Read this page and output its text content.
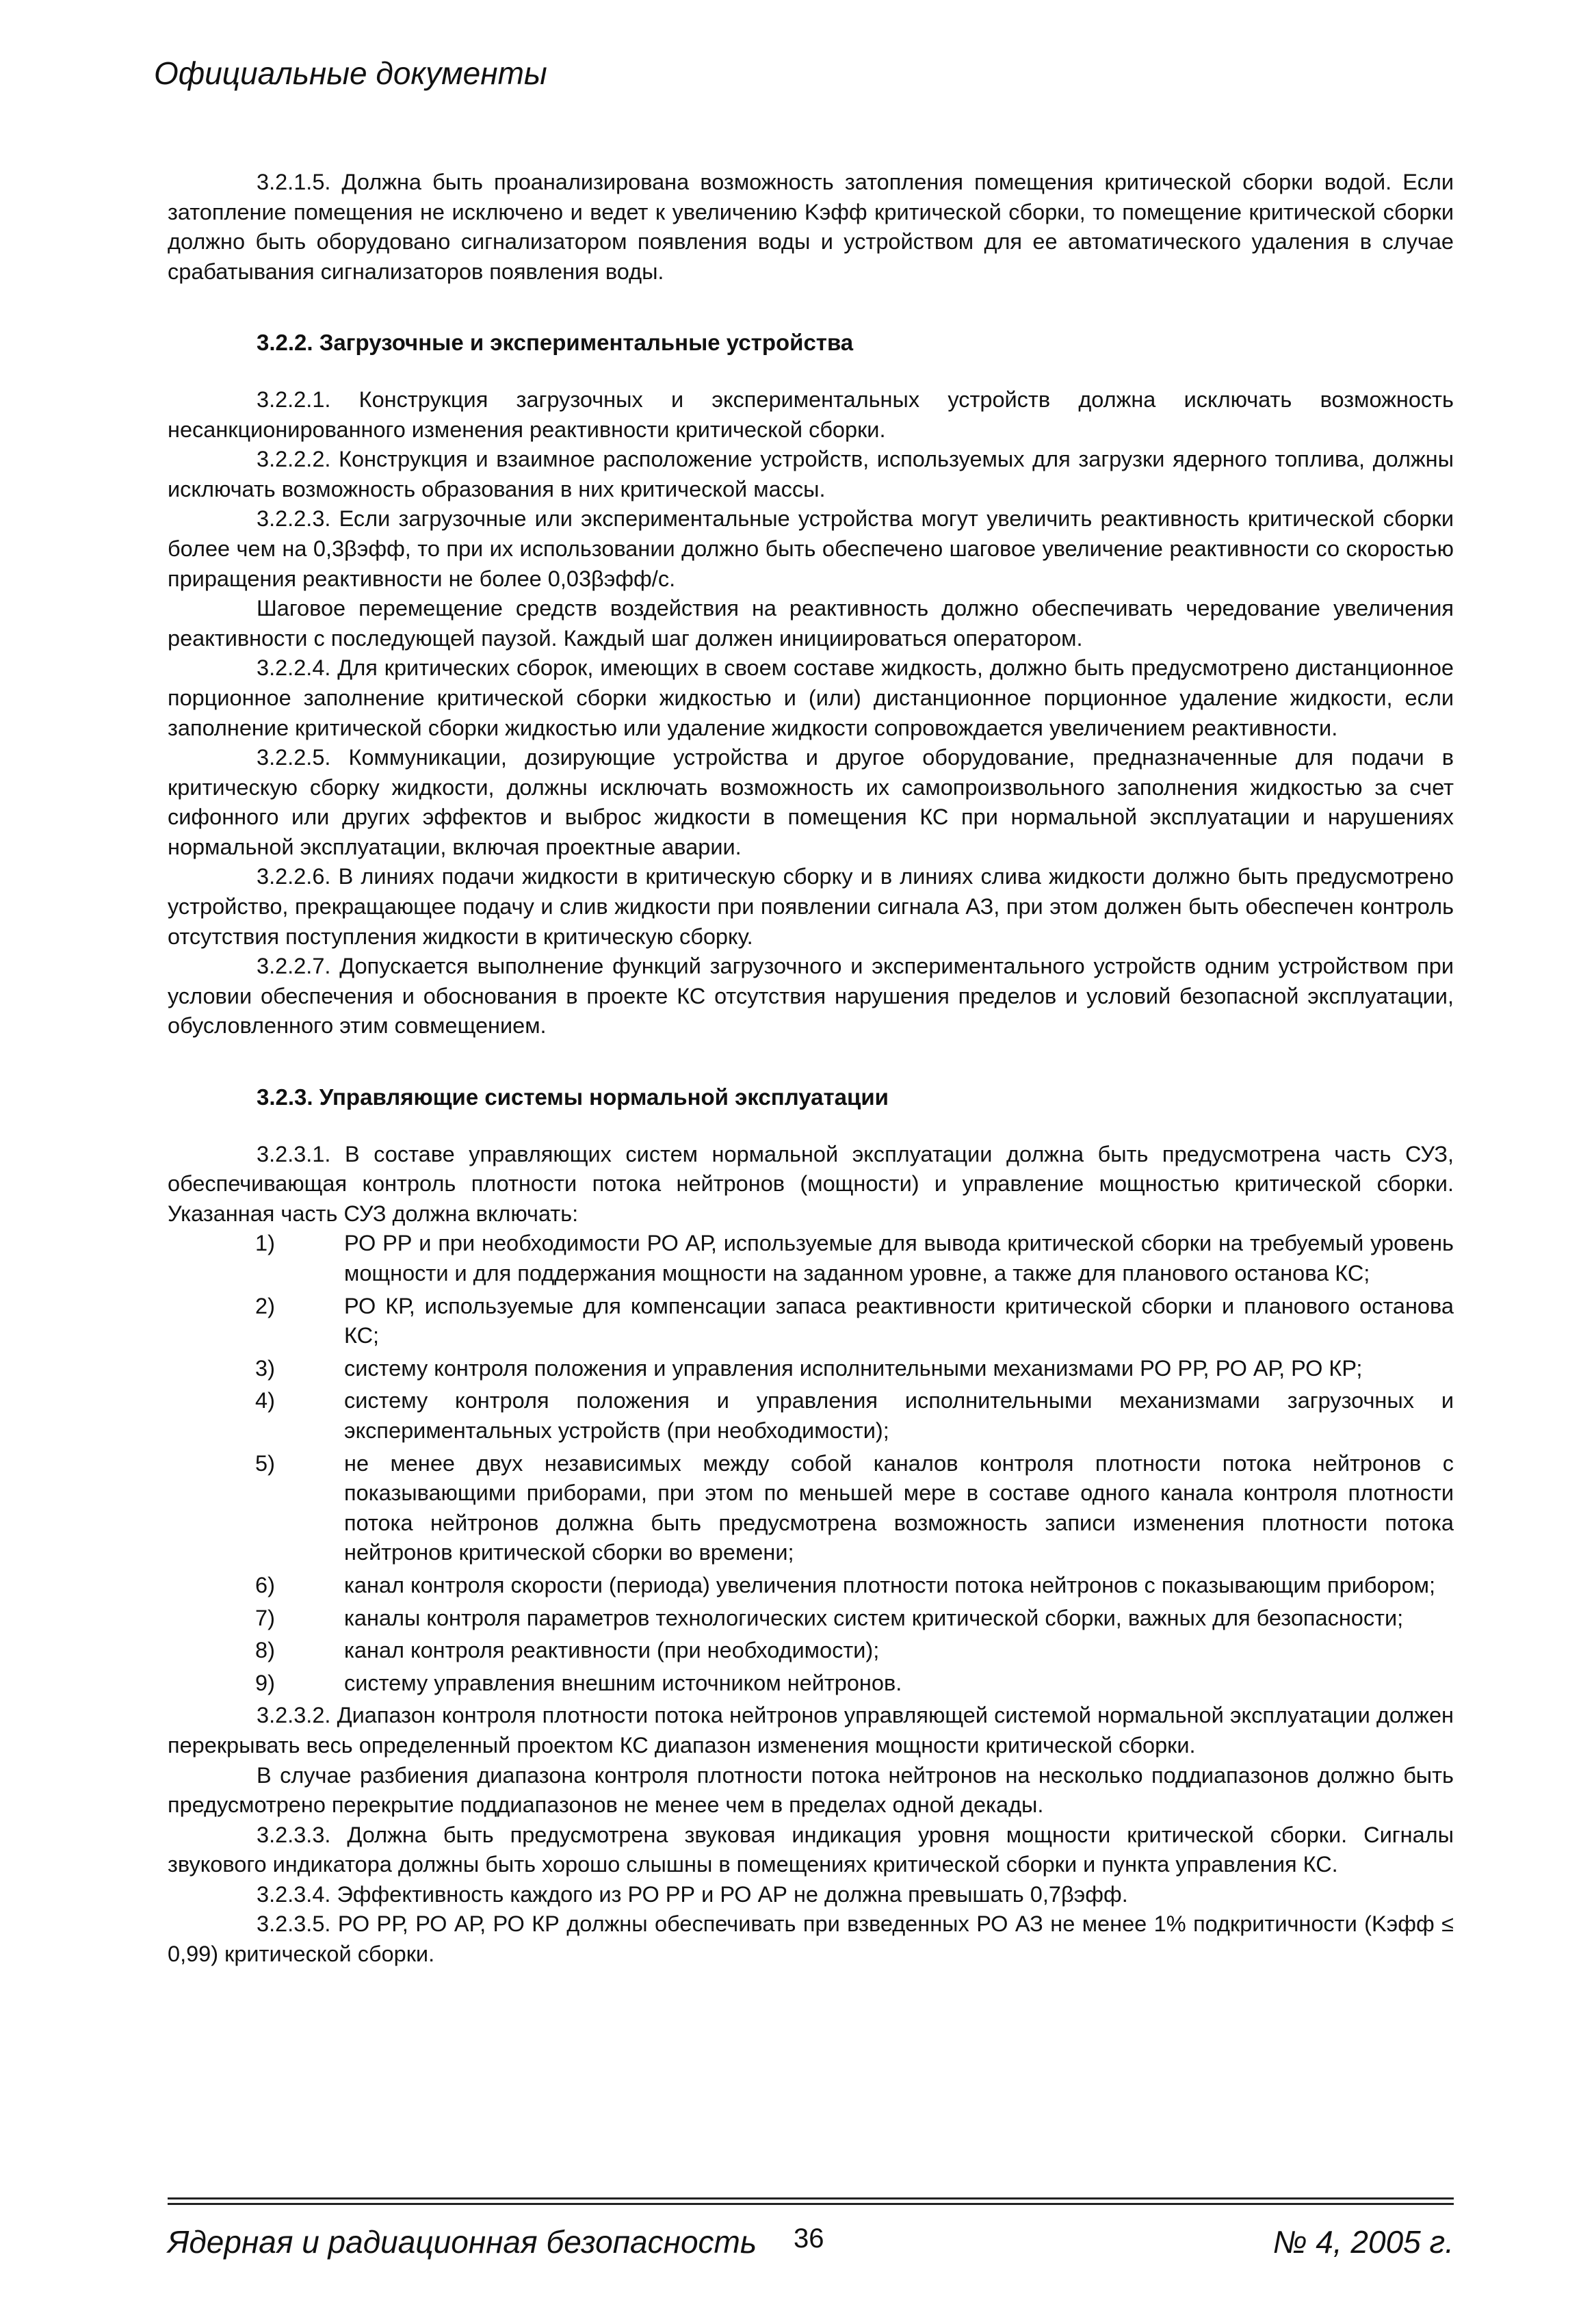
Официальные документы

3.2.1.5. Должна быть проанализирована возможность затопления помещения критической сборки водой. Если затопление помещения не исключено и ведет к увеличению Kэфф критической сборки, то помещение критической сборки должно быть оборудовано сигнализатором появления воды и устройством для ее автоматического удаления в случае срабатывания сигнализаторов появления воды.

3.2.2. Загрузочные и экспериментальные устройства

3.2.2.1. Конструкция загрузочных и экспериментальных устройств должна исключать возможность несанкционированного изменения реактивности критической сборки.

3.2.2.2. Конструкция и взаимное расположение устройств, используемых для загрузки ядерного топлива, должны исключать возможность образования в них критической массы.

3.2.2.3. Если загрузочные или экспериментальные устройства могут увеличить реактивность критической сборки более чем на 0,3βэфф, то при их использовании должно быть обеспечено шаговое увеличение реактивности со скоростью приращения реактивности не более 0,03βэфф/с.

Шаговое перемещение средств воздействия на реактивность должно обеспечивать чередование увеличения реактивности с последующей паузой. Каждый шаг должен инициироваться оператором.

3.2.2.4. Для критических сборок, имеющих в своем составе жидкость, должно быть предусмотрено дистанционное порционное заполнение критической сборки жидкостью и (или) дистанционное порционное удаление жидкости, если заполнение критической сборки жидкостью или удаление жидкости сопровождается увеличением реактивности.

3.2.2.5. Коммуникации, дозирующие устройства и другое оборудование, предназначенные для подачи в критическую сборку жидкости, должны исключать возможность их самопроизвольного заполнения жидкостью за счет сифонного или других эффектов и выброс жидкости в помещения КС при нормальной эксплуатации и нарушениях нормальной эксплуатации, включая проектные аварии.

3.2.2.6. В линиях подачи жидкости в критическую сборку и в линиях слива жидкости должно быть предусмотрено устройство, прекращающее подачу и слив жидкости при появлении сигнала АЗ, при этом должен быть обеспечен контроль отсутствия поступления жидкости в критическую сборку.

3.2.2.7. Допускается выполнение функций загрузочного и экспериментального устройств одним устройством при условии обеспечения и обоснования в проекте КС отсутствия нарушения пределов и условий безопасной эксплуатации, обусловленного этим совмещением.

3.2.3. Управляющие системы нормальной эксплуатации

3.2.3.1. В составе управляющих систем нормальной эксплуатации должна быть предусмотрена часть СУЗ, обеспечивающая контроль плотности потока нейтронов (мощности) и управление мощностью критической сборки. Указанная часть СУЗ должна включать:

1)	РО РР и при необходимости РО АР, используемые для вывода критической сборки на требуемый уровень мощности и для поддержания мощности на заданном уровне, а также для планового останова КС;
2)	РО КР, используемые для компенсации запаса реактивности критической сборки и планового останова КС;
3)	систему контроля положения и управления исполнительными механизмами РО РР, РО АР, РО КР;
4)	систему контроля положения и управления исполнительными механизмами загрузочных и экспериментальных устройств (при необходимости);
5)	не менее двух независимых между собой каналов контроля плотности потока нейтронов с показывающими приборами, при этом по меньшей мере в составе одного канала контроля плотности потока нейтронов должна быть предусмотрена возможность записи изменения плотности потока нейтронов критической сборки во времени;
6)	канал контроля скорости (периода) увеличения плотности потока нейтронов с показывающим прибором;
7)	каналы контроля параметров технологических систем критической сборки, важных для безопасности;
8)	канал контроля реактивности (при необходимости);
9)	систему управления внешним источником нейтронов.

3.2.3.2. Диапазон контроля плотности потока нейтронов управляющей системой нормальной эксплуатации должен перекрывать весь определенный проектом КС диапазон изменения мощности критической сборки.

В случае разбиения диапазона контроля плотности потока нейтронов на несколько поддиапазонов должно быть предусмотрено перекрытие поддиапазонов не менее чем в пределах одной декады.

3.2.3.3. Должна быть предусмотрена звуковая индикация уровня мощности критической сборки. Сигналы звукового индикатора должны быть хорошо слышны в помещениях критической сборки и пункта управления КС.

3.2.3.4. Эффективность каждого из РО РР и РО АР не должна превышать 0,7βэфф.

3.2.3.5. РО РР, РО АР, РО КР должны обеспечивать при взведенных РО АЗ не менее 1% подкритичности (Kэфф ≤ 0,99) критической сборки.

Ядерная и радиационная безопасность 36	№ 4, 2005 г.
